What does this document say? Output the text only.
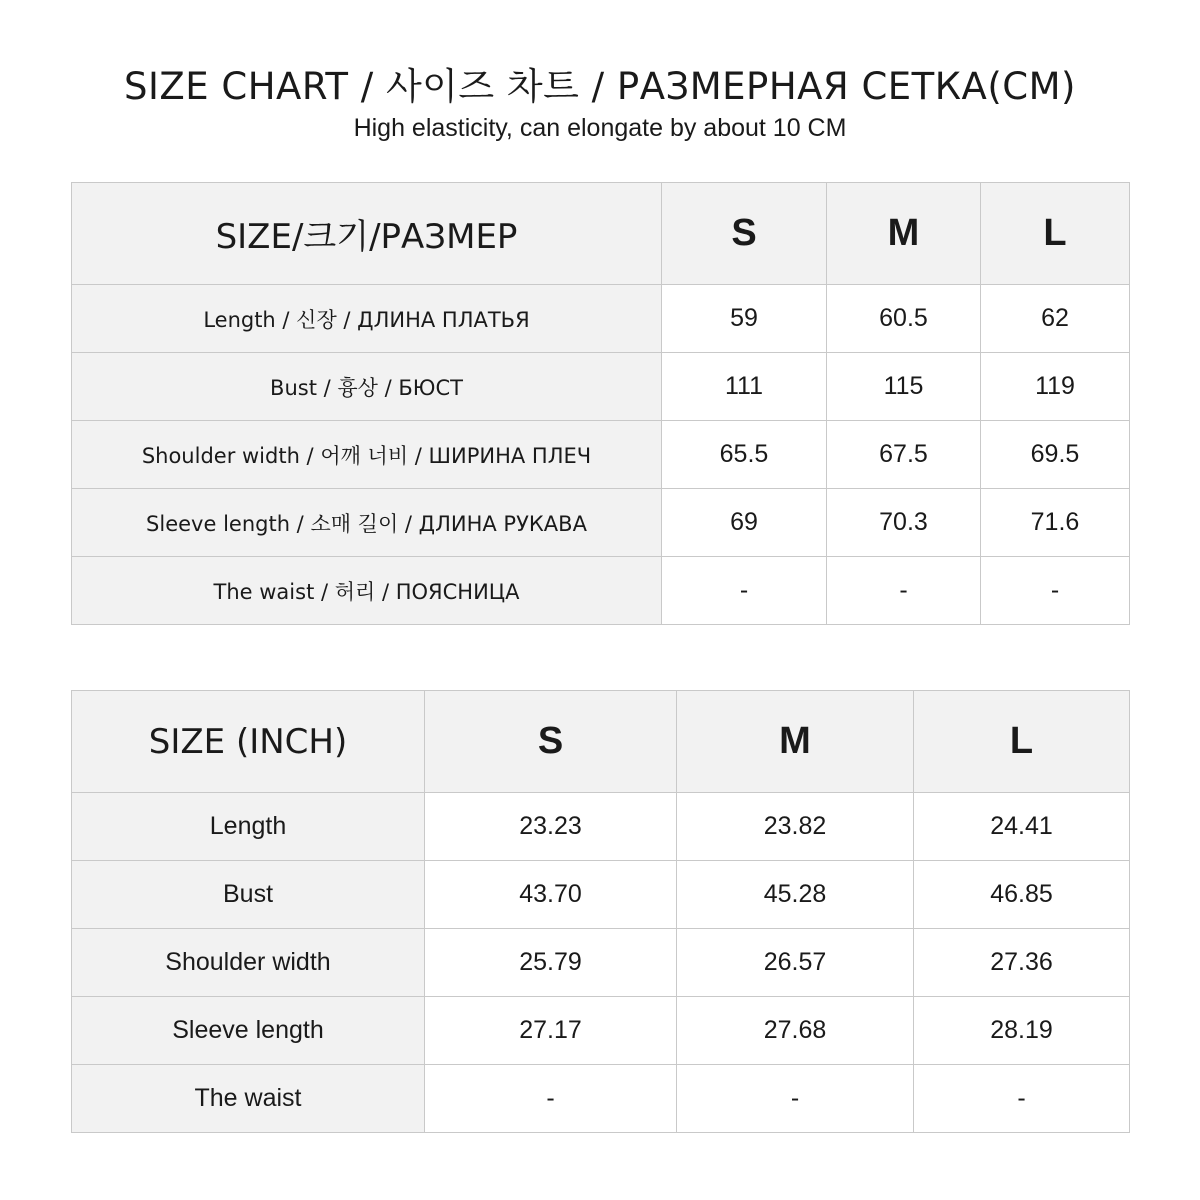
SIZE CHART / 사이즈 차트 / РАЗМЕРНАЯ СЕТКА(CM)
High elasticity, can elongate by about 10 CM
SIZE/크기/РАЗМЕР	S	M	L
Length / 신장 / ДЛИНА ПЛАТЬЯ	59	60.5	62
Bust / 흉상 / БЮСТ	111	115	119
Shoulder width / 어깨 너비 / ШИРИНА ПЛЕЧ	65.5	67.5	69.5
Sleeve length / 소매 길이 / ДЛИНА РУКАВА	69	70.3	71.6
The waist / 허리 / ПОЯСНИЦА	-	-	-
SIZE (INCH)	S	M	L
Length	23.23	23.82	24.41
Bust	43.70	45.28	46.85
Shoulder width	25.79	26.57	27.36
Sleeve length	27.17	27.68	28.19
The waist	-	-	-
